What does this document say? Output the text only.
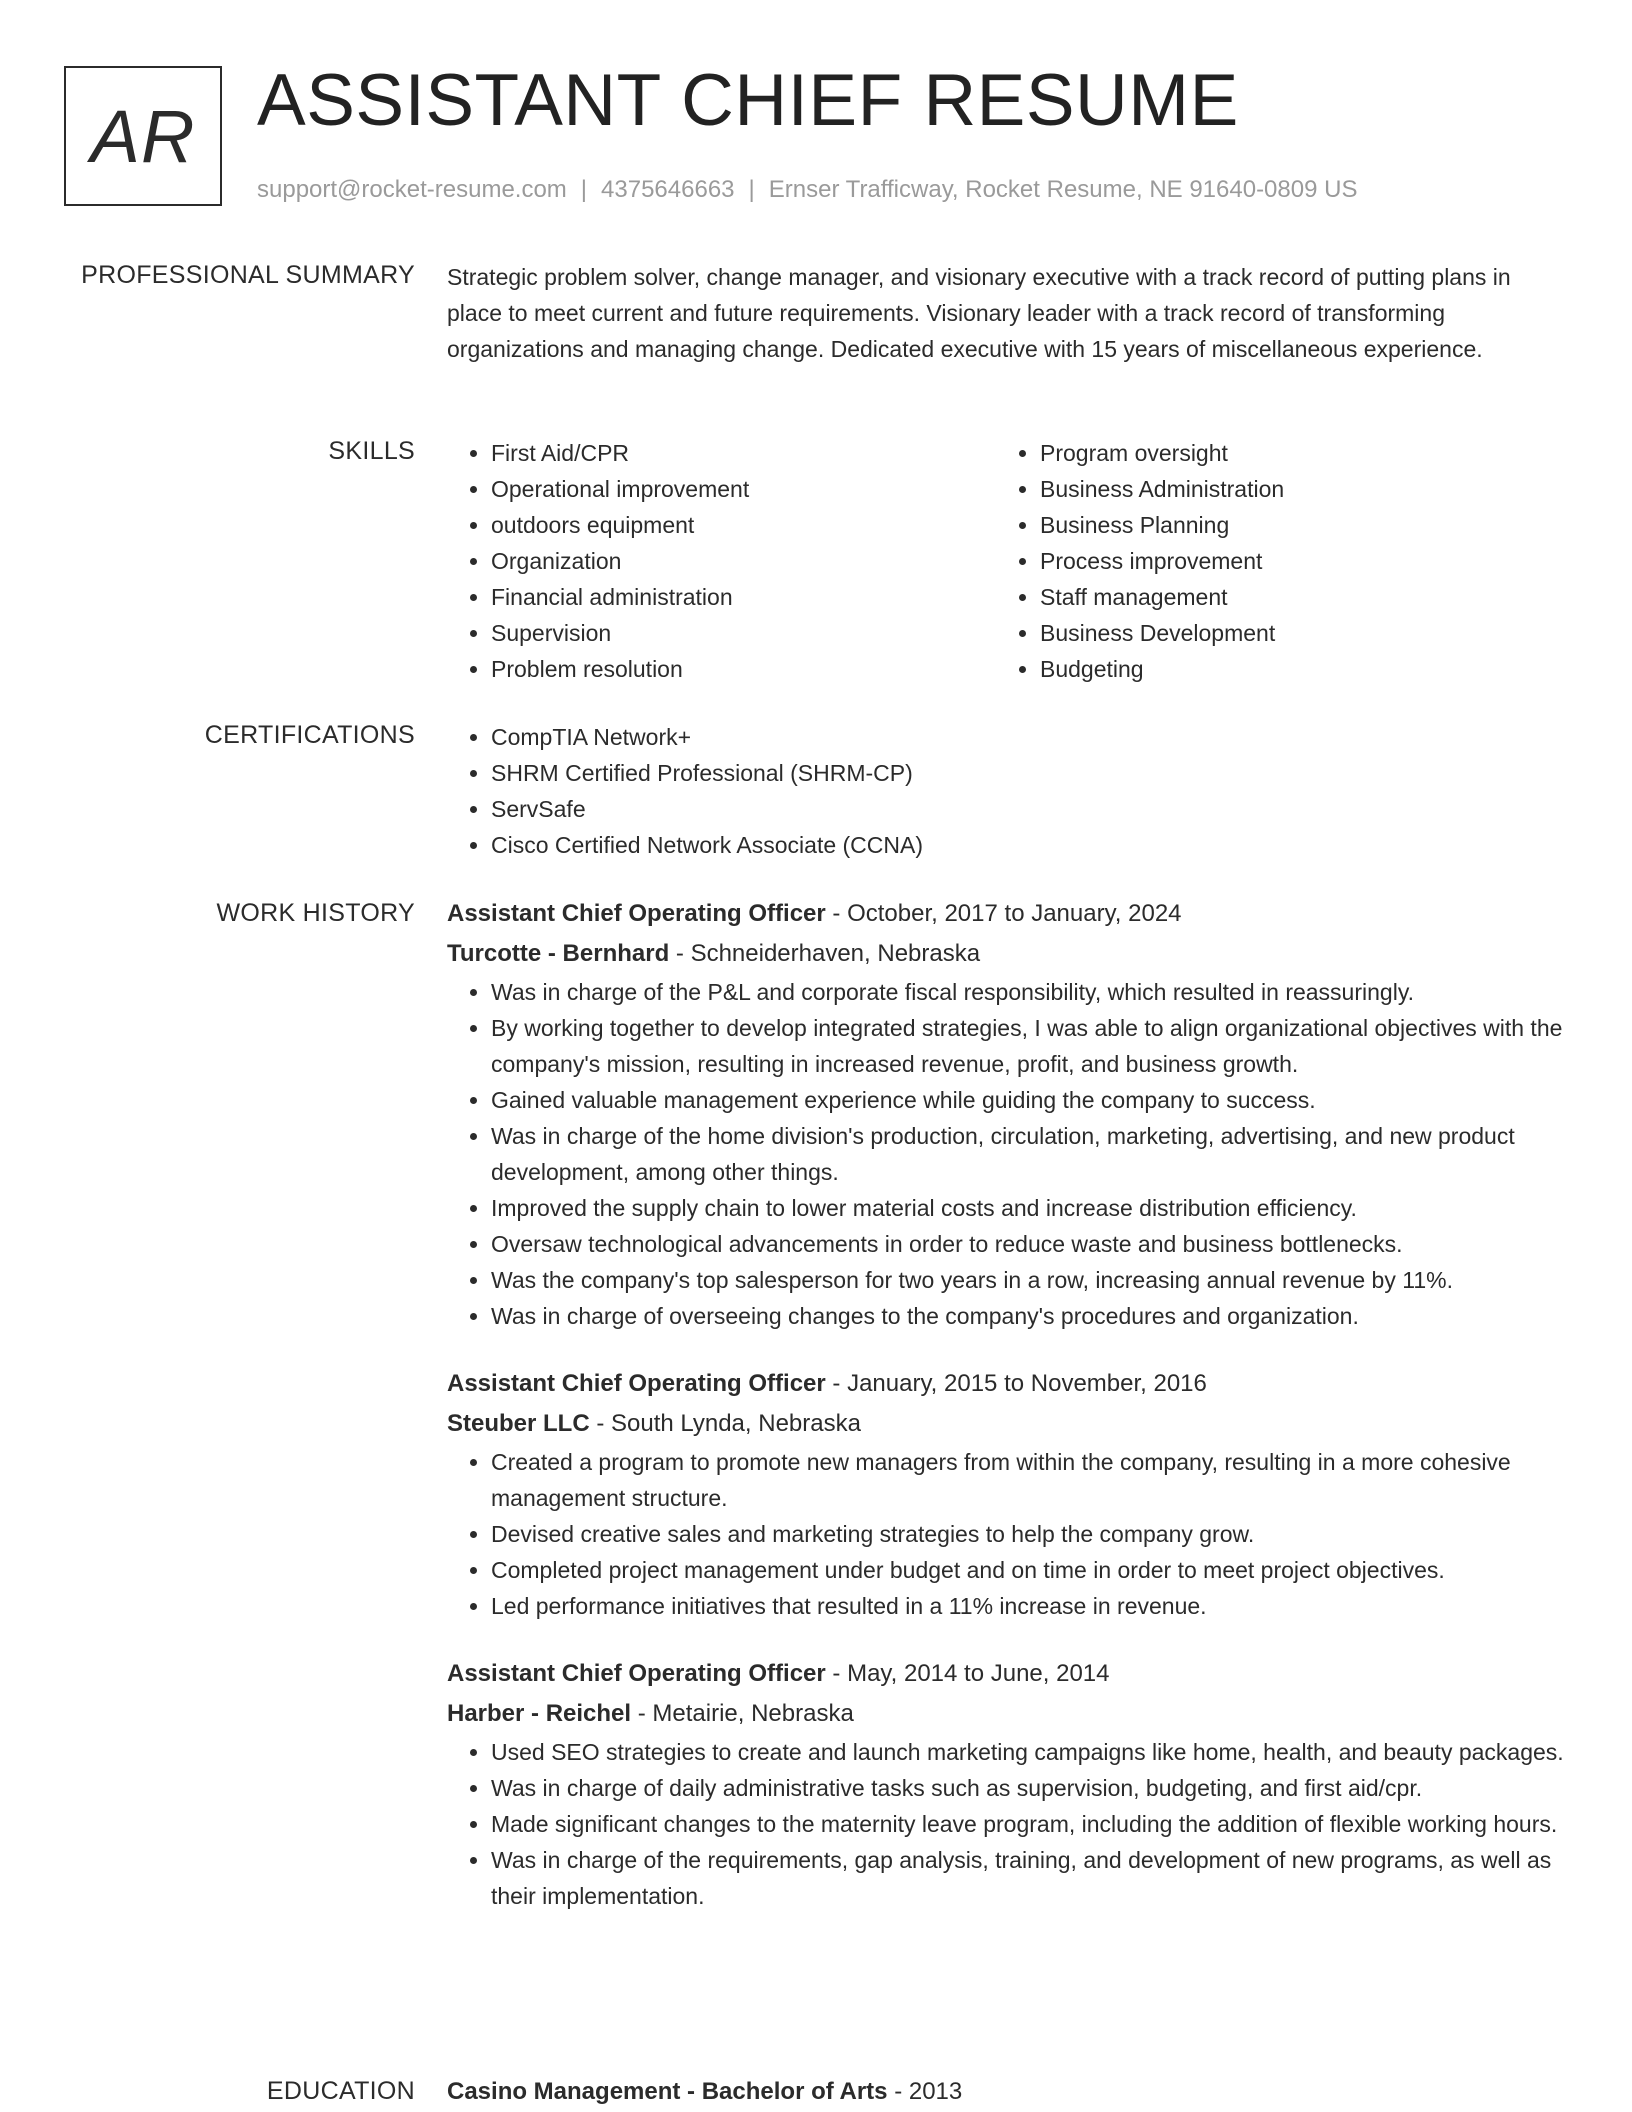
AR ASSISTANT CHIEF RESUME
support@rocket-resume.com | 4375646663 | Ernser Trafficway, Rocket Resume, NE 91640-0809 US
PROFESSIONAL SUMMARY Strategic problem solver, change manager, and visionary executive with a track record of putting plans in place to meet current and future requirements. Visionary leader with a track record of transforming organizations and managing change. Dedicated executive with 15 years of miscellaneous experience.

SKILLS	• First Aid/CPR
• Operational improvement
• outdoors equipment
• Organization
• Financial administration
• Supervision
• Problem resolution
• Program oversight
• Business Administration
• Business Planning
• Process improvement
• Staff management
• Business Development
• Budgeting
CERTIFICATIONS	• CompTIA Network+
• SHRM Certified Professional (SHRM-CP)
• ServSafe
• Cisco Certified Network Associate (CCNA)
WORK HISTORY Assistant Chief Operating Officer - October, 2017 to January, 2024
Turcotte - Bernhard - Schneiderhaven, Nebraska
• Was in charge of the P&L and corporate fiscal responsibility, which resulted in reassuringly.
• By working together to develop integrated strategies, I was able to align organizational objectives with the company's mission, resulting in increased revenue, profit, and business growth.
• Gained valuable management experience while guiding the company to success.
• Was in charge of the home division's production, circulation, marketing, advertising, and new product development, among other things.
• Improved the supply chain to lower material costs and increase distribution efficiency.
• Oversaw technological advancements in order to reduce waste and business bottlenecks.
• Was the company's top salesperson for two years in a row, increasing annual revenue by 11%.
• Was in charge of overseeing changes to the company's procedures and organization.
Assistant Chief Operating Officer - January, 2015 to November, 2016
Steuber LLC - South Lynda, Nebraska
• Created a program to promote new managers from within the company, resulting in a more cohesive management structure.
• Devised creative sales and marketing strategies to help the company grow.
• Completed project management under budget and on time in order to meet project objectives.
• Led performance initiatives that resulted in a 11% increase in revenue.
Assistant Chief Operating Officer - May, 2014 to June, 2014
Harber - Reichel - Metairie, Nebraska
• Used SEO strategies to create and launch marketing campaigns like home, health, and beauty packages.
• Was in charge of daily administrative tasks such as supervision, budgeting, and first aid/cpr.
• Made significant changes to the maternity leave program, including the addition of flexible working hours.
• Was in charge of the requirements, gap analysis, training, and development of new programs, as well as their implementation.
EDUCATION Casino Management - Bachelor of Arts - 2013
